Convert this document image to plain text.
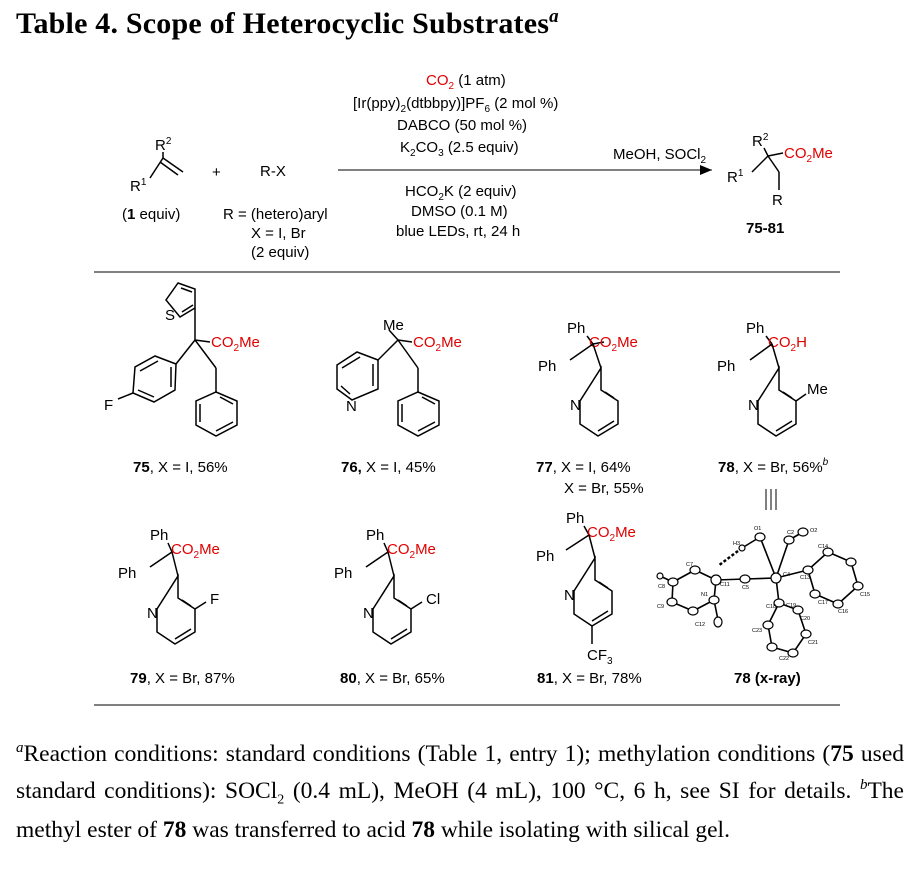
Table 4. Scope of Heterocyclic Substrates$^a$
$R^2$
$R^1$
(1 equiv)
+	R-X
R = (hetero)aryl
X = I, Br
(2 equiv)
$CO_2$ (1 atm)
$[Ir(ppy)_2(dtbbpy)]PF_6$ (2 mol %)
DABCO (50 mol %)
$K_2CO_3$ (2.5 equiv)
$HCO_2K$ (2 equiv)
DMSO (0.1 M)
blue LEDs, rt, 24 h
MeOH, SOCl$_2$
$R^2$
$R^1$
$CO_2Me$
R
75-81
S
$CO_2Me$
F
75, X = I, 56%
Me
$CO_2Me$
N
76, X = I, 45%
Ph
$CO_2Me$
Ph
N
77, X = I, 64%
X = Br, 55%
Ph
$CO_2H$
Ph
Me
N
78, X = Br, 56%$^b$
Ph
$CO_2Me$
Ph
F
N
79, X = Br, 87%
Ph
$CO_2Me$
Ph
Cl
N
80, X = Br, 65%
Ph
$CO_2Me$
Ph
$CF_3$
N
81, X = Br, 78%
O1	O2
H3
C2
C4
C5
C7
C8
C9
C11
C13
C14
C15
C16
C17
C18 C19
C20
C21
C22
C23
C12
N1
78 (x-ray)
$^a$Reaction conditions: standard conditions (Table 1, entry 1); methylation conditions (75 used standard conditions): SOCl$_2$ (0.4 mL), MeOH (4 mL), 100 °C, 6 h, see SI for details. $^b$The methyl ester of 78 was transferred to acid 78 while isolating with silical gel.
